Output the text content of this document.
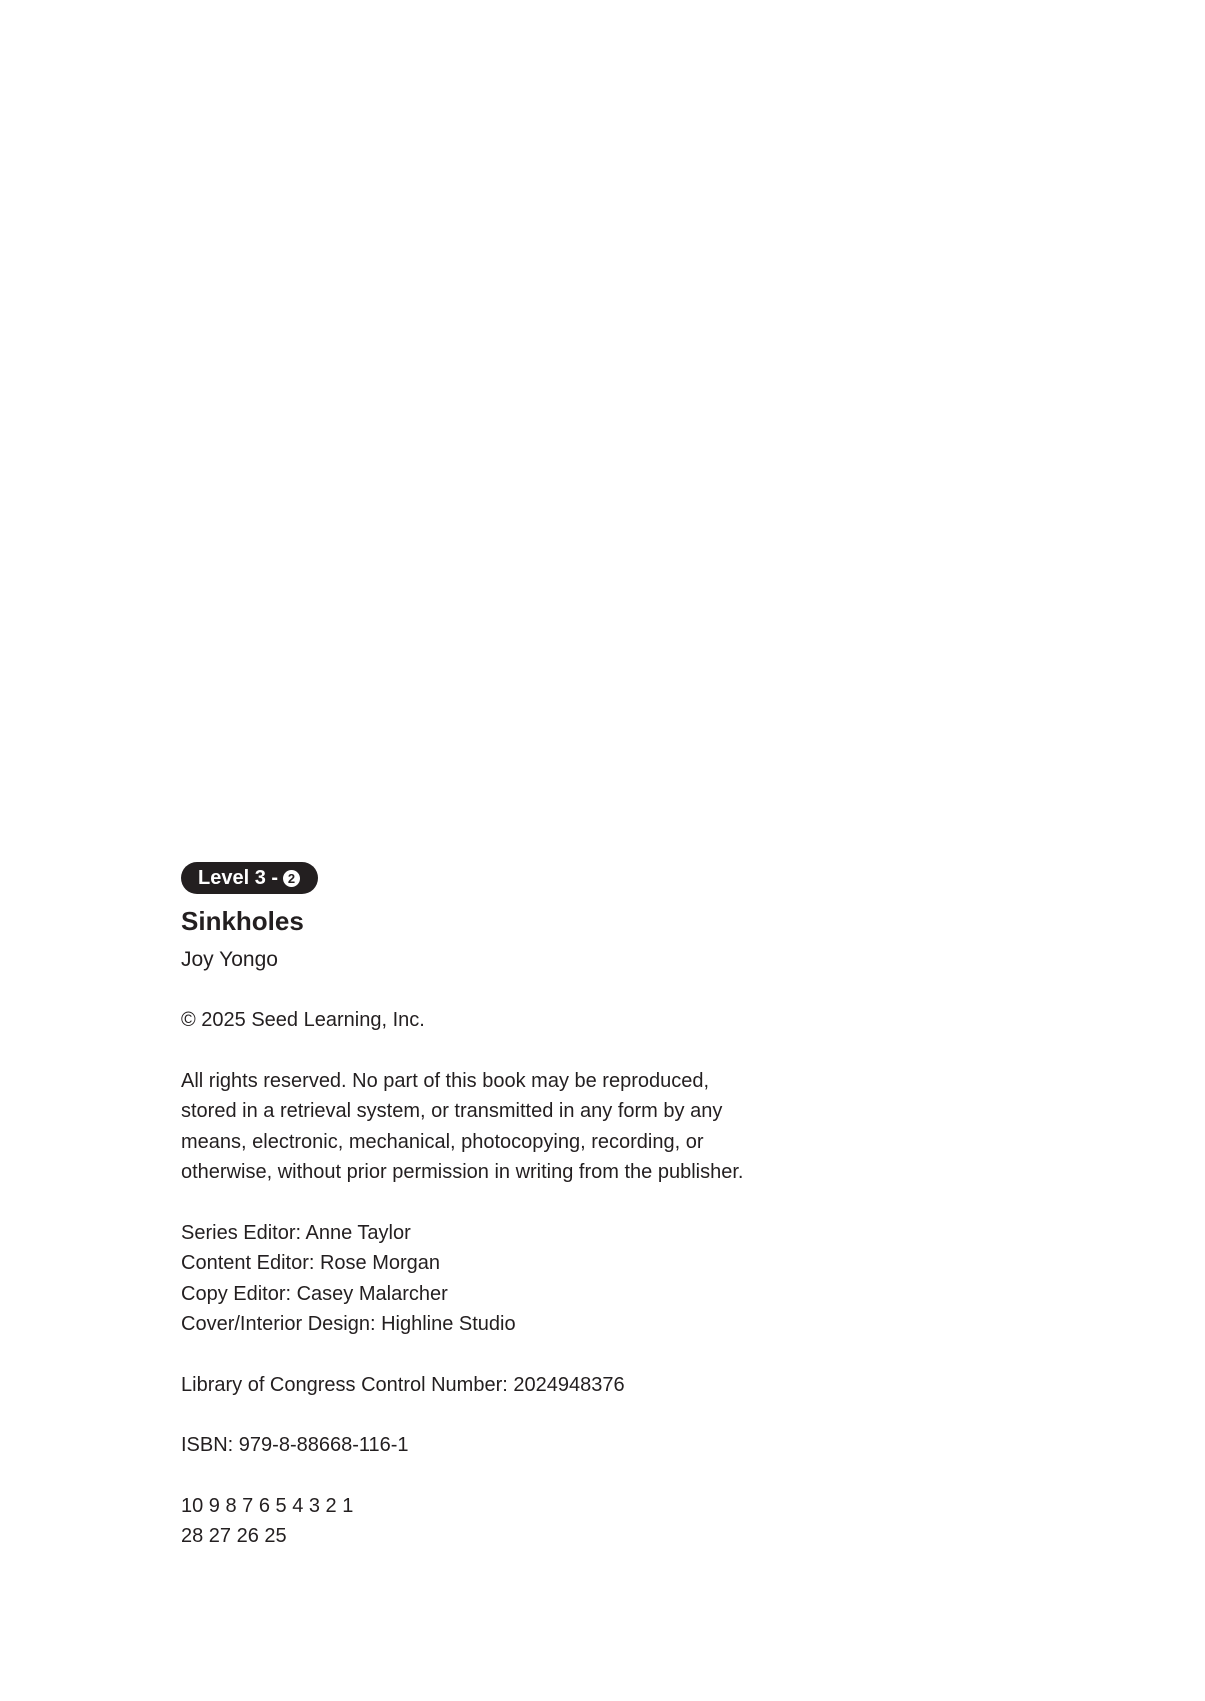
Level 3 - 2
Sinkholes
Joy Yongo
© 2025 Seed Learning, Inc.
All rights reserved. No part of this book may be reproduced,
stored in a retrieval system, or transmitted in any form by any
means, electronic, mechanical, photocopying, recording, or
otherwise, without prior permission in writing from the publisher.
Series Editor: Anne Taylor
Content Editor: Rose Morgan
Copy Editor: Casey Malarcher
Cover/Interior Design: Highline Studio
Library of Congress Control Number: 2024948376
ISBN: 979-8-88668-116-1
10 9 8 7 6 5 4 3 2 1
28 27 26 25
